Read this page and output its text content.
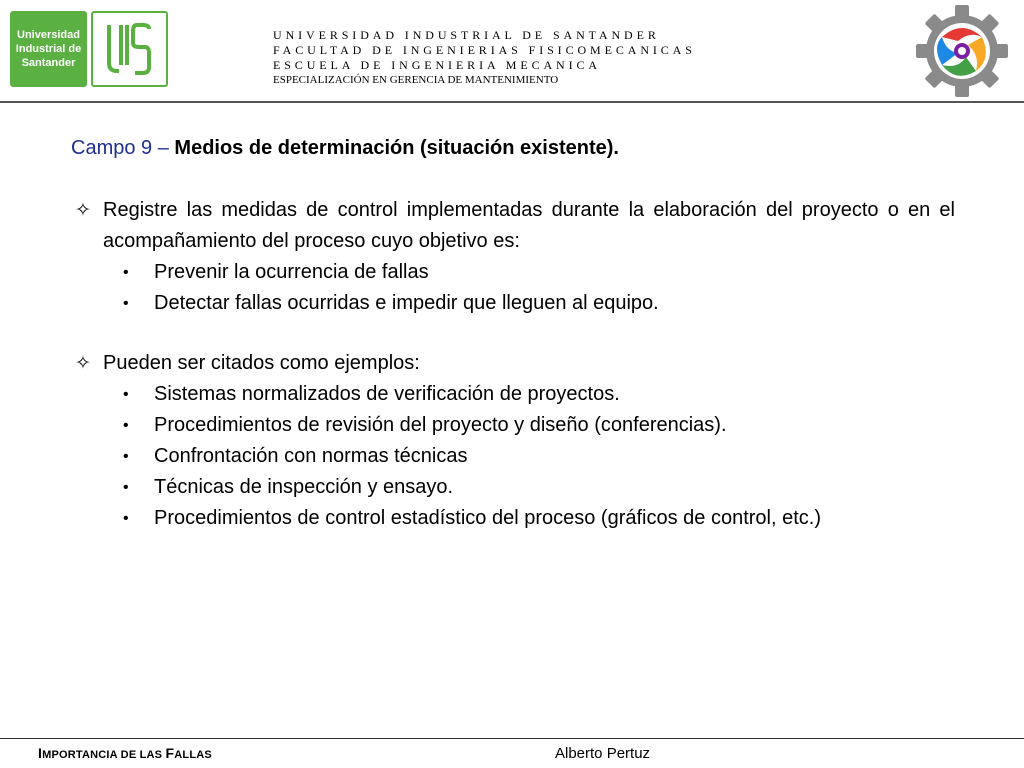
Universidad
Industrial de
Santander
UNIVERSIDAD INDUSTRIAL DE SANTANDER
FACULTAD DE INGENIERIAS FISICOMECANICAS
ESCUELA DE INGENIERIA MECANICA
ESPECIALIZACIÓN EN GERENCIA DE MANTENIMIENTO
Campo 9 – Medios de determinación (situación existente).
✧ Registre las medidas de control implementadas durante la elaboración del proyecto o en el acompañamiento del proceso cuyo objetivo es:
• Prevenir la ocurrencia de fallas
• Detectar fallas ocurridas e impedir que lleguen al equipo.
✧ Pueden ser citados como ejemplos:
• Sistemas normalizados de verificación de proyectos.
• Procedimientos de revisión del proyecto y diseño (conferencias).
• Confrontación con normas técnicas
• Técnicas de inspección y ensayo.
• Procedimientos de control estadístico del proceso (gráficos de control, etc.)
IMPORTANCIA DE LAS FALLAS	Alberto Pertuz
